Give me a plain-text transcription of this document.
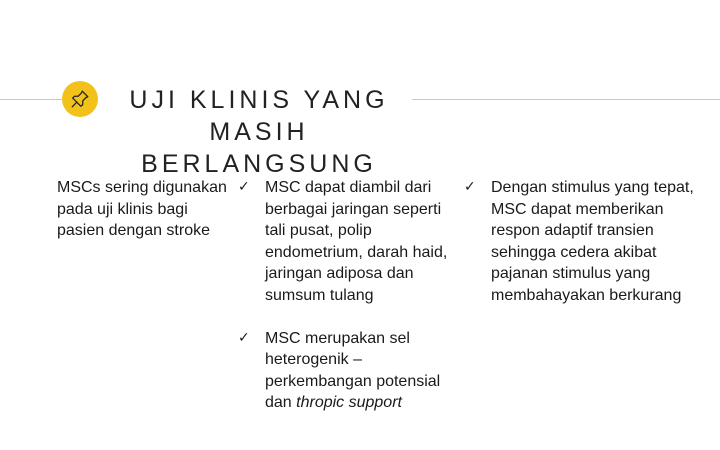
UJI KLINIS YANG
MASIH
BERLANGSUNG

MSCs sering digunakan pada uji klinis bagi pasien dengan stroke

✓ MSC dapat diambil dari berbagai jaringan seperti tali pusat, polip endometrium, darah haid, jaringan adiposa dan sumsum tulang
✓ MSC merupakan sel heterogenik – perkembangan potensial dan thropic support
✓ Dengan stimulus yang tepat, MSC dapat memberikan respon adaptif transien sehingga cedera akibat pajanan stimulus yang membahayakan berkurang
